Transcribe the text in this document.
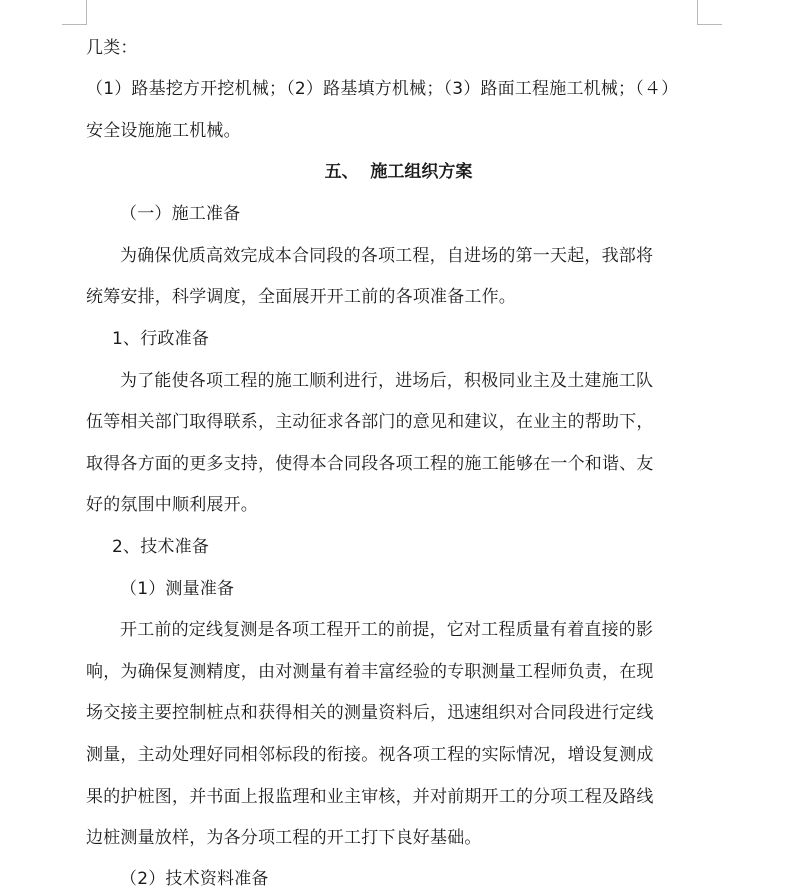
几类：
（1）路基挖方开挖机械；（2）路基填方机械；（3）路面工程施工机械；（４）
安全设施施工机械。
五、  施工组织方案
（一）施工准备
为确保优质高效完成本合同段的各项工程，自进场的第一天起，我部将
统筹安排，科学调度，全面展开开工前的各项准备工作。
1、行政准备
为了能使各项工程的施工顺利进行，进场后，积极同业主及土建施工队
伍等相关部门取得联系，主动征求各部门的意见和建议，在业主的帮助下，
取得各方面的更多支持，使得本合同段各项工程的施工能够在一个和谐、友
好的氛围中顺利展开。
2、技术准备
（1）测量准备
开工前的定线复测是各项工程开工的前提，它对工程质量有着直接的影
响，为确保复测精度，由对测量有着丰富经验的专职测量工程师负责，在现
场交接主要控制桩点和获得相关的测量资料后，迅速组织对合同段进行定线
测量，主动处理好同相邻标段的衔接。视各项工程的实际情况，增设复测成
果的护桩图，并书面上报监理和业主审核，并对前期开工的分项工程及路线
边桩测量放样，为各分项工程的开工打下良好基础。
（2）技术资料准备
